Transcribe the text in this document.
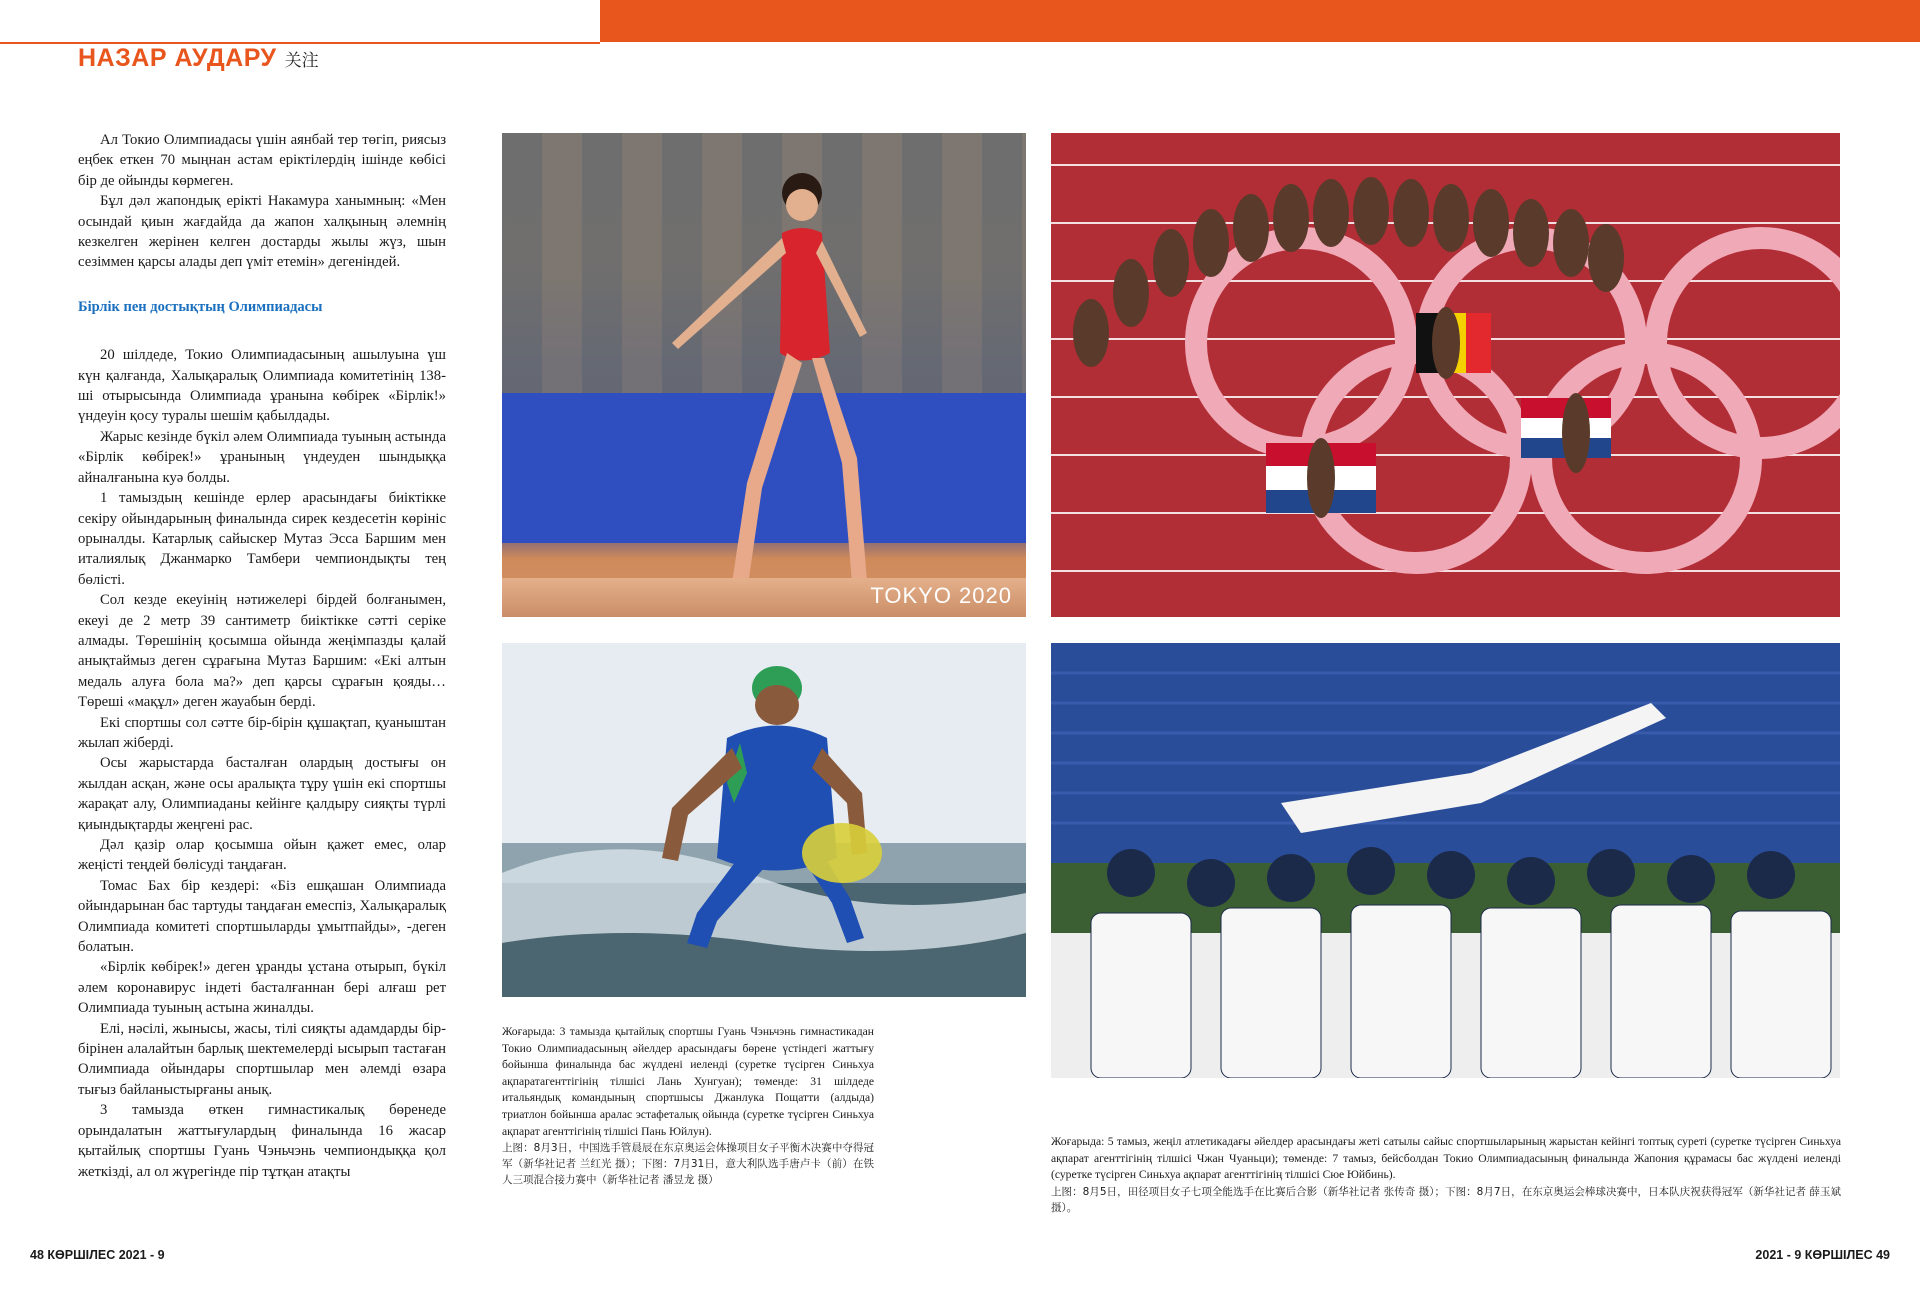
НАЗАР АУДАРУ 关注

Ал Токио Олимпиадасы үшін аянбай тер төгіп, риясыз еңбек еткен 70 мыңнан астам еріктілердің ішінде көбісі бір де ойынды көрмеген.

Бұл дәл жапондық ерікті Накамура ханымның: «Мен осындай қиын жағдайда да жапон халқының әлемнің кезкелген жерінен келген достарды жылы жүз, шын сезіммен қарсы алады деп үміт етемін» дегеніндей.

Бірлік пен достықтың Олимпиадасы

20 шілдеде, Токио Олимпиадасының ашылуына үш күн қалғанда, Халықаралық Олимпиада комитетінің 138-ші отырысында Олимпиада ұранына көбірек «Бірлік!» үндеуін қосу туралы шешім қабылдады.

Жарыс кезінде бүкіл әлем Олимпиада туының астында «Бірлік көбірек!» ұранының үндеуден шындыққа айналғанына куә болды.

1 тамыздың кешінде ерлер арасындағы биіктікке секіру ойындарының финалында сирек кездесетін көрініс орыналды. Катарлық сайыскер Мутаз Эсса Баршим мен италиялық Джанмарко Тамбери чемпиондықты тең бөлісті.

Сол кезде екеуінің нәтижелері бірдей болғанымен, екеуі де 2 метр 39 сантиметр биіктікке сәтті серіке алмады. Төрешінің қосымша ойында жеңімпазды қалай анықтаймыз деген сұрағына Мутаз Баршим: «Екі алтын медаль алуға бола ма?» деп қарсы сұрағын қояды… Төреші «мақұл» деген жауабын берді.

Екі спортшы сол сәтте бір-бірін құшақтап, қуаныштан жылап жіберді.

Осы жарыстарда басталған олардың достығы он жылдан асқан, және осы аралықта тұру үшін екі спортшы жарақат алу, Олимпиаданы кейінге қалдыру сияқты түрлі қиындықтарды жеңгені рас.

Дәл қазір олар қосымша ойын қажет емес, олар жеңісті теңдей бөлісуді таңдаған.

Томас Бах бір кездері: «Біз ешқашан Олимпиада ойындарынан бас тартуды таңдаған емеспіз, Халықаралық Олимпиада комитеті спортшыларды ұмытпайды», -деген болатын.

«Бірлік көбірек!» деген ұранды ұстана отырып, бүкіл әлем коронавирус індеті басталғаннан бері алғаш рет Олимпиада туының астына жиналды.

Елі, нәсілі, жынысы, жасы, тілі сияқты адамдарды бір-бірінен алалайтын барлық шектемелерді ысырып тастаған Олимпиада ойындары спортшылар мен әлемді өзара тығыз байланыстырғаны анық.

3 тамызда өткен гимнастикалық бөренеде орындалатын жаттығулардың финалында 16 жасар қытайлық спортшы Гуань Чэньчэнь чемпиондыққа қол жеткізді, ал ол жүрегінде пір тұтқан атақты

TOKYO 2020

Жоғарыда: 3 тамызда қытайлық спортшы Гуань Чэньчэнь гимнастикадан Токио Олимпиадасының әйелдер арасындағы бөрене үстіндегі жаттығу бойынша финалында бас жүлдені иеленді (суретке түсірген Синьхуа ақпаратагенттігінің тілшісі Лань Хунгуан); төменде: 31 шілдеде итальяндық командының спортшысы Джанлука Пощатти (алдыда) триатлон бойынша аралас эстафеталық ойында (суретке түсірген Синьхуа ақпарат агенттігінің тілшісі Пань Юйлун).

上图：8月3日，中国选手管晨辰在东京奥运会体操项目女子平衡木决赛中夺得冠军（新华社记者 兰红光 摄）；下图：7月31日，意大利队选手唐卢卡（前）在铁人三项混合接力赛中（新华社记者 潘昱龙 摄）

Жоғарыда: 5 тамыз, жеңіл атлетикадағы әйелдер арасындағы жеті сатылы сайыс спортшыларының жарыстан кейінгі топтық суреті (суретке түсірген Синьхуа ақпарат агенттігінің тілшісі Чжан Чуаньци); төменде: 7 тамыз, бейсболдан Токио Олимпиадасының финалында Жапония құрамасы бас жүлдені иеленді (суретке түсірген Синьхуа ақпарат агенттігінің тілшісі Сюе Юйбинь).

上图：8月5日，田径项目女子七项全能选手在比赛后合影（新华社记者 张传奇 摄）；下图：8月7日，在东京奥运会棒球决赛中，日本队庆祝获得冠军（新华社记者 薛玉斌 摄）。

48 КӨРШІЛЕС 2021 - 9	2021 - 9 КӨРШІЛЕС 49
